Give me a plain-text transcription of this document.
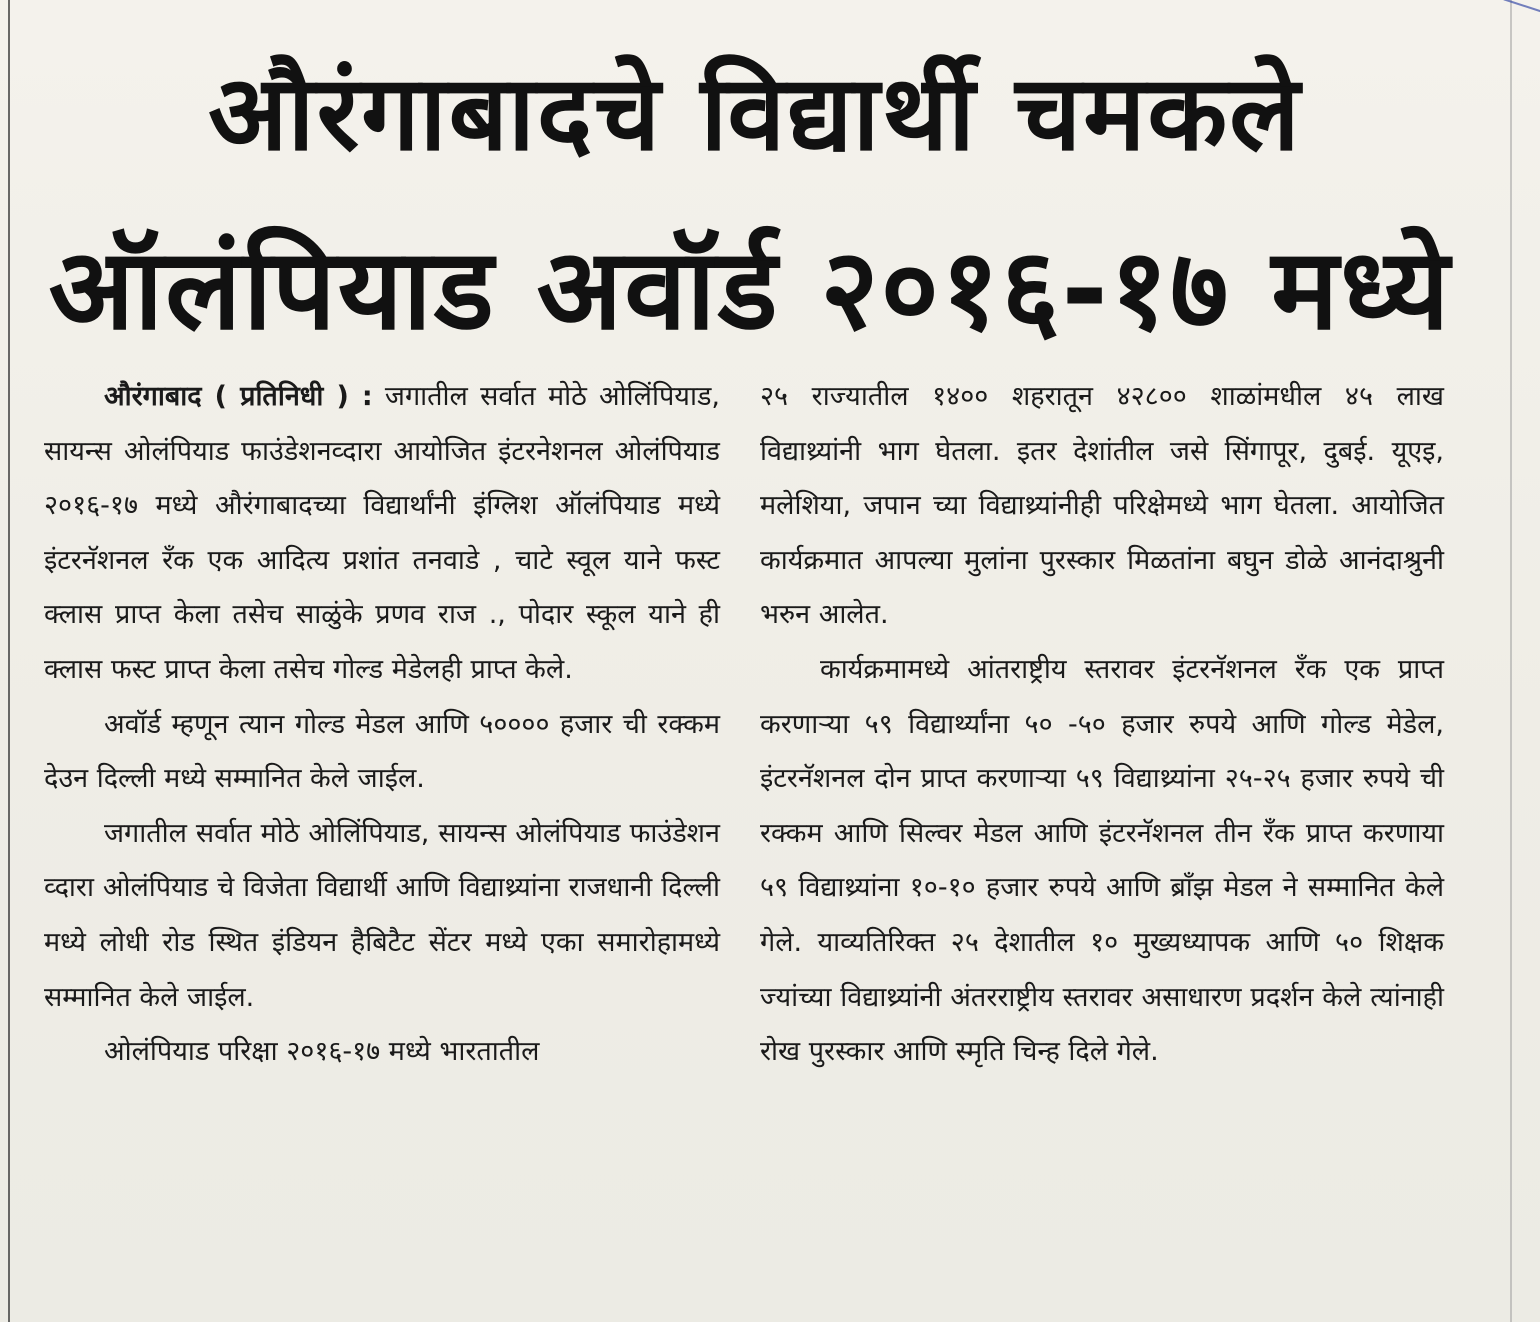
औरंगाबादचे विद्यार्थी चमकले
ऑलंपियाड अवॉर्ड २०१६-१७ मध्ये

औरंगाबाद ( प्रतिनिधी ) : जगातील सर्वात मोठे ओलिंपियाड, सायन्स ओलंपियाड फाउंडेशनव्दारा आयोजित इंटरनेशनल ओलंपियाड २०१६-१७ मध्ये औरंगाबादच्या विद्यार्थांनी इंग्लिश ऑलंपियाड मध्ये इंटरनॅशनल रँक एक आदित्य प्रशांत तनवाडे , चाटे स्वूल याने फस्ट क्लास प्राप्त केला तसेच साळुंके प्रणव राज ., पोदार स्कूल याने ही क्लास फस्ट प्राप्त केला तसेच गोल्ड मेडेलही प्राप्त केले.

अवॉर्ड म्हणून त्यान गोल्ड मेडल आणि ५०००० हजार ची रक्कम देउन दिल्ली मध्ये सम्मानित केले जाईल.

जगातील सर्वात मोठे ओलिंपियाड, सायन्स ओलंपियाड फाउंडेशन व्दारा ओलंपियाड चे विजेता विद्यार्थी आणि विद्याथ्र्यांना राजधानी दिल्ली मध्ये लोधी रोड स्थित इंडियन हैबिटैट सेंटर मध्ये एका समारोहामध्ये सम्मानित केले जाईल.

ओलंपियाड परिक्षा २०१६-१७ मध्ये भारतातील

२५ राज्यातील १४०० शहरातून ४२८०० शाळांमधील ४५ लाख विद्याथ्र्यांनी भाग घेतला. इतर देशांतील जसे सिंगापूर, दुबई. यूएइ, मलेशिया, जपान च्या विद्याथ्र्यांनीही परिक्षेमध्ये भाग घेतला. आयोजित कार्यक्रमात आपल्या मुलांना पुरस्कार मिळतांना बघुन डोळे आनंदाश्रुनी भरुन आलेत.

कार्यक्रमामध्ये आंतराष्ट्रीय स्तरावर इंटरनॅशनल रँक एक प्राप्त करणाऱ्या ५९ विद्यार्थ्यांना ५० -५० हजार रुपये आणि गोल्ड मेडेल, इंटरनॅशनल दोन प्राप्त करणाऱ्या ५९ विद्याथ्र्यांना २५-२५ हजार रुपये ची रक्कम आणि सिल्वर मेडल आणि इंटरनॅशनल तीन रँक प्राप्त करणाया ५९ विद्याथ्र्यांना १०-१० हजार रुपये आणि ब्राँझ मेडल ने सम्मानित केले गेले. याव्यतिरिक्त २५ देशातील १० मुख्यध्यापक आणि ५० शिक्षक ज्यांच्या विद्याथ्र्यांनी अंतरराष्ट्रीय स्तरावर असाधारण प्रदर्शन केले त्यांनाही रोख पुरस्कार आणि स्मृति चिन्ह दिले गेले.
